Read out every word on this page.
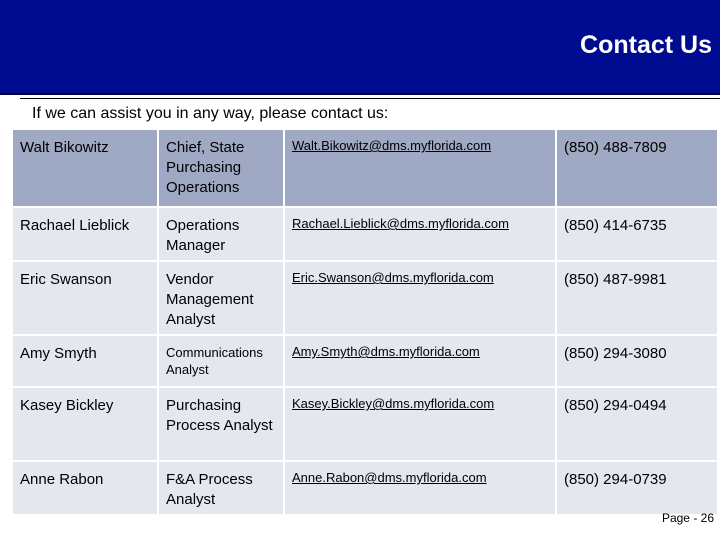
Contact Us
If we can assist you in any way, please contact us:
Walt Bikowitz	Chief, State Purchasing Operations	Walt.Bikowitz@dms.myflorida.com	(850) 488-7809
Rachael Lieblick	Operations Manager	Rachael.Lieblick@dms.myflorida.com	(850) 414-6735
Eric Swanson	Vendor Management Analyst	Eric.Swanson@dms.myflorida.com	(850) 487-9981
Amy Smyth	Communications Analyst	Amy.Smyth@dms.myflorida.com	(850) 294-3080
Kasey Bickley	Purchasing Process Analyst	Kasey.Bickley@dms.myflorida.com	(850) 294-0494
Anne Rabon	F&A Process Analyst	Anne.Rabon@dms.myflorida.com	(850) 294-0739
Page - 26
